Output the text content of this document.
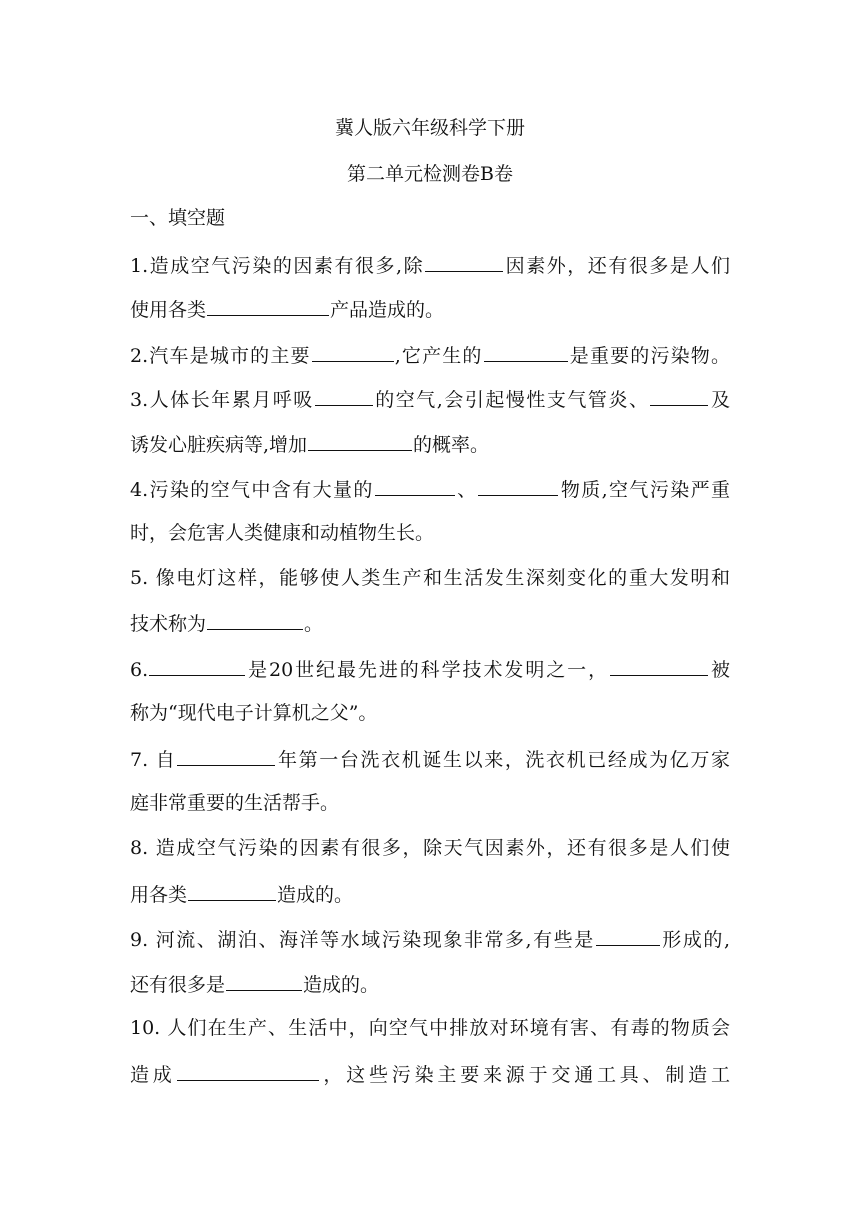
冀人版六年级科学下册
第二单元检测卷B卷
一、填空题
1.造成空气污染的因素有很多,除	因素外，还有很多是人们
使用各类	产品造成的。
2.汽车是城市的主要	,它产生的	是重要的污染物。
3.人体长年累月呼吸	的空气,会引起慢性支气管炎、	及
诱发心脏疾病等,增加	的概率。
4.污染的空气中含有大量的	、	物质,空气污染严重
时，会危害人类健康和动植物生长。
5. 像电灯这样，能够使人类生产和生活发生深刻变化的重大发明和
技术称为	。
6.	是20世纪最先进的科学技术发明之一，	被
称为“现代电子计算机之父”。
7. 自	年第一台洗衣机诞生以来，洗衣机已经成为亿万家
庭非常重要的生活帮手。
8. 造成空气污染的因素有很多，除天气因素外，还有很多是人们使
用各类	造成的。
9. 河流、湖泊、海洋等水域污染现象非常多,有些是	形成的,
还有很多是	造成的。
10. 人们在生产、生活中，向空气中排放对环境有害、有毒的物质会
造成	，这些污染主要来源于交通工具、制造工
